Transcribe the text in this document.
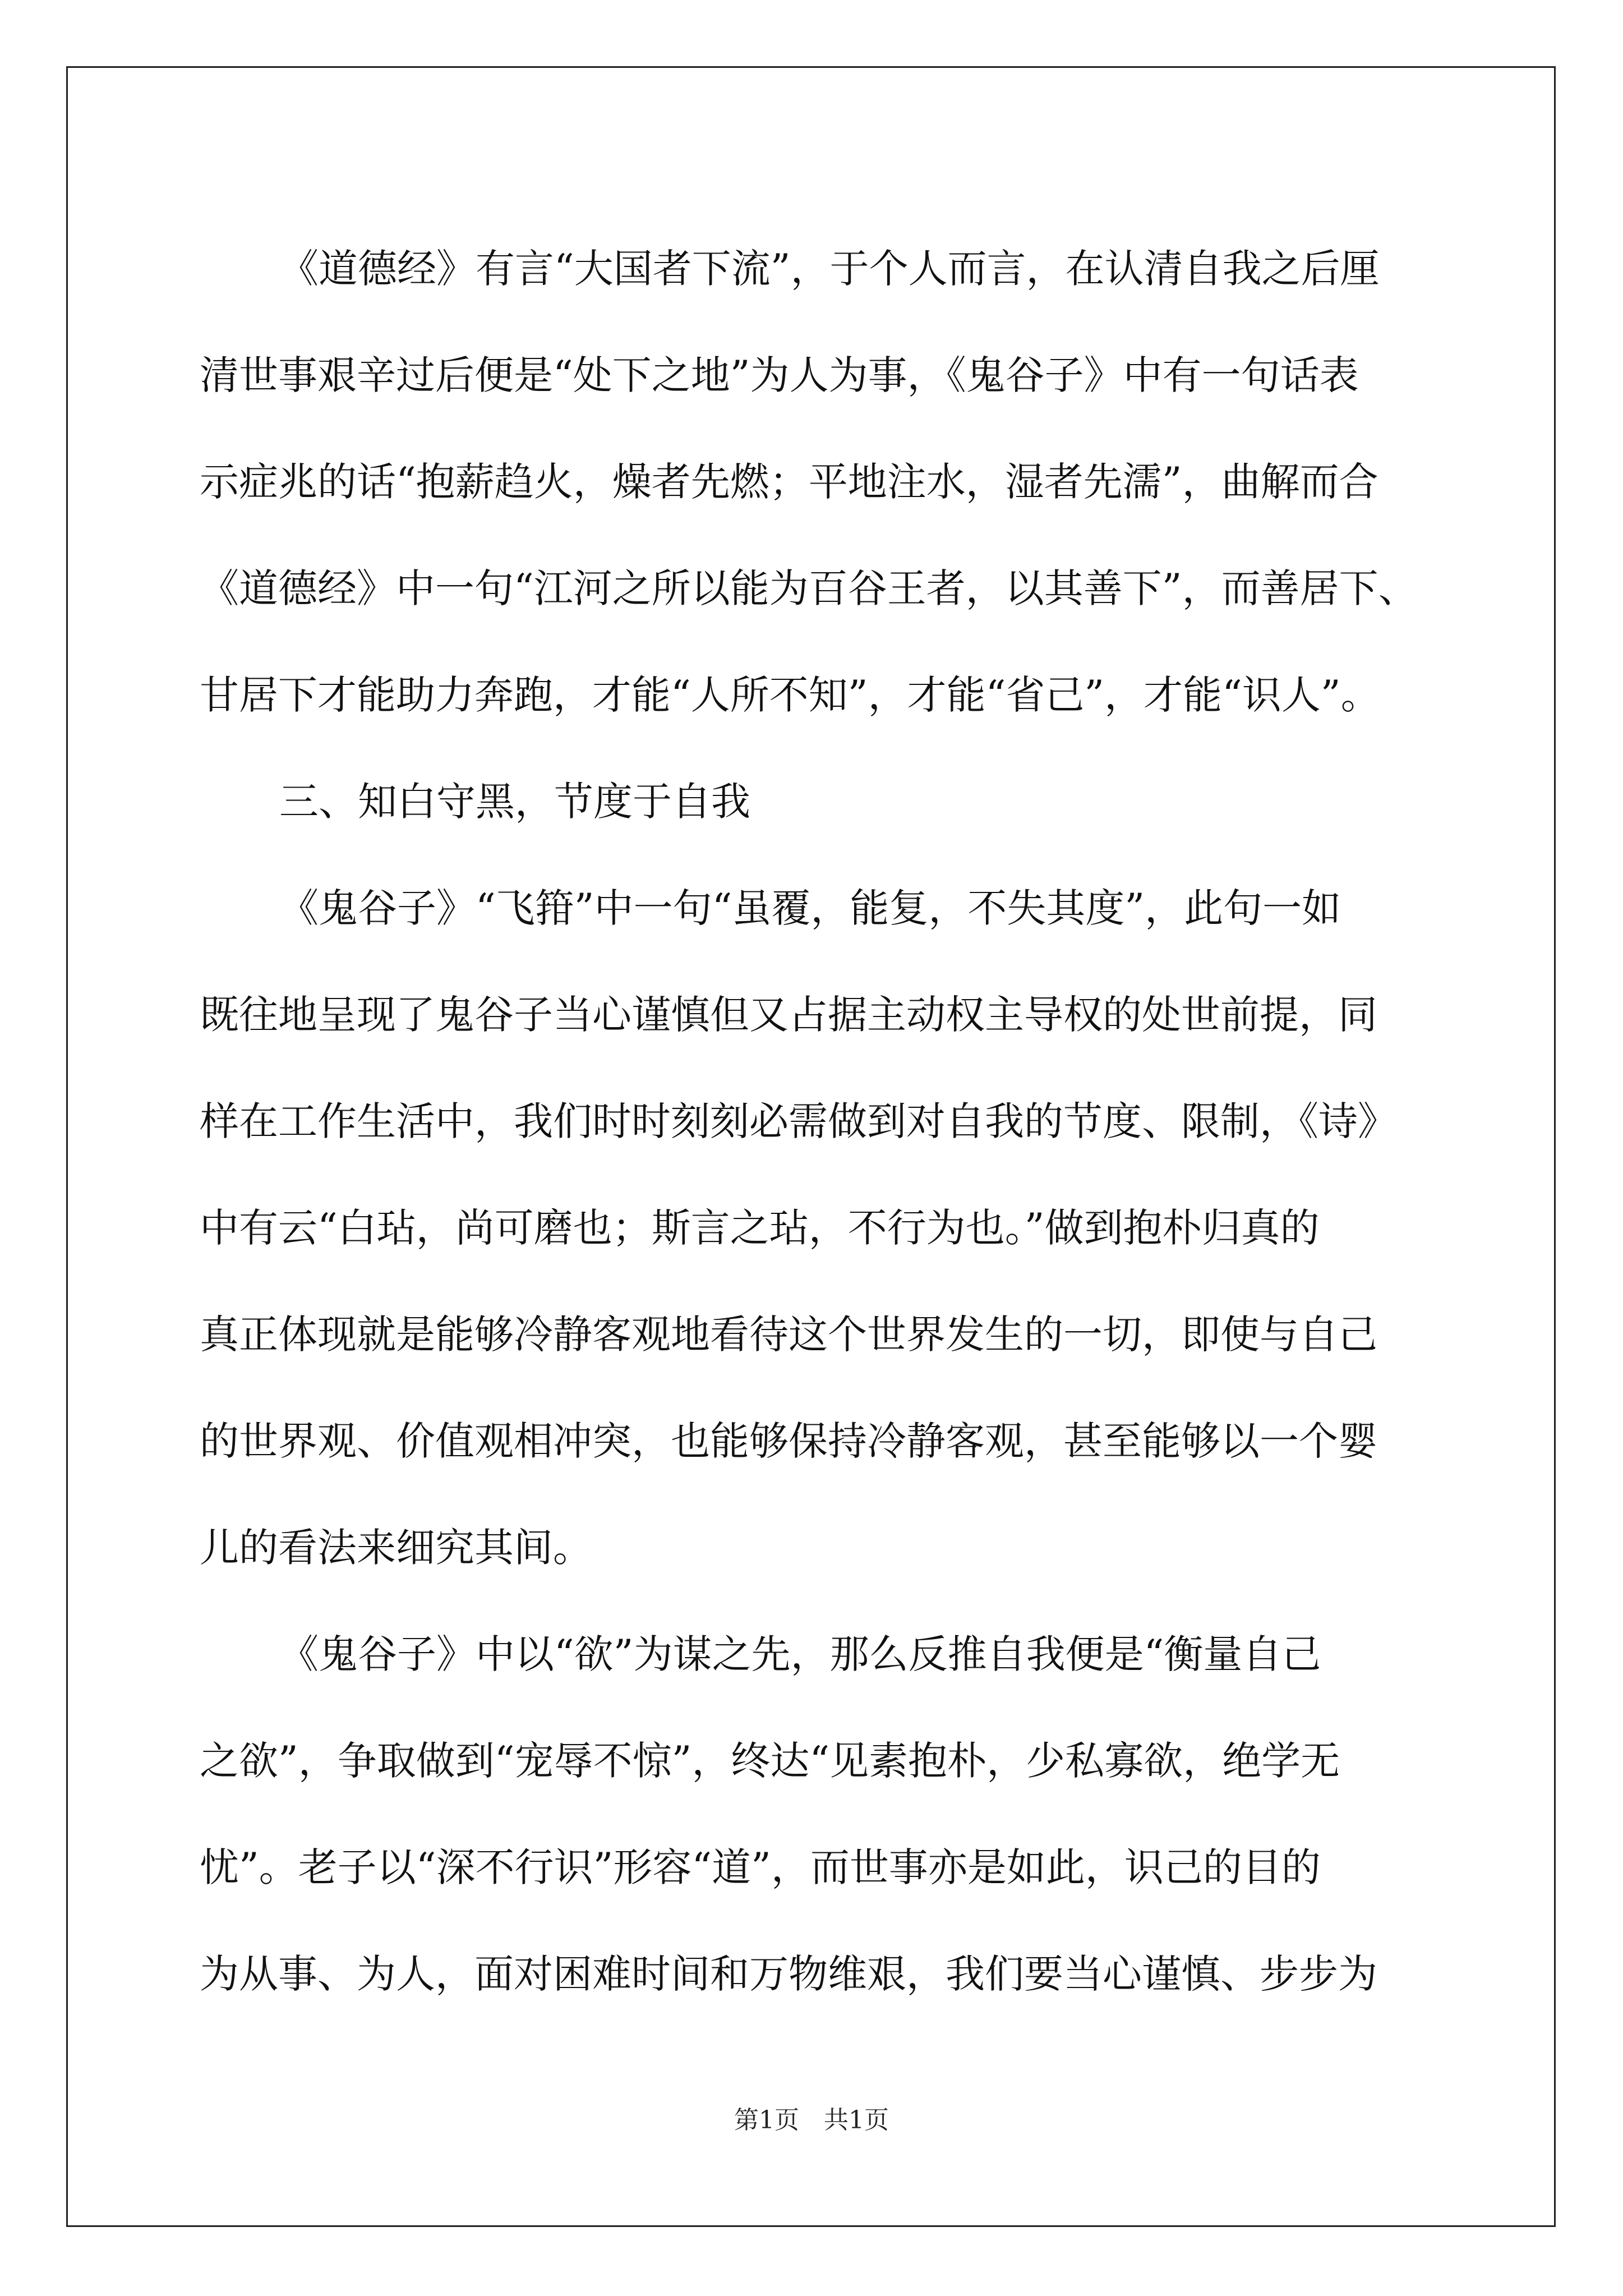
《道德经》有言“大国者下流”，于个人而言，在认清自我之后厘
清世事艰辛过后便是“处下之地”为人为事，《鬼谷子》中有一句话表
示症兆的话“抱薪趋火，燥者先燃；平地注水，湿者先濡”，曲解而合
《道德经》中一句“江河之所以能为百谷王者，以其善下”，而善居下、
甘居下才能助力奔跑，才能“人所不知”，才能“省己”，才能“识人”。
三、知白守黑，节度于自我
《鬼谷子》“飞箝”中一句“虽覆，能复，不失其度”，此句一如
既往地呈现了鬼谷子当心谨慎但又占据主动权主导权的处世前提，同
样在工作生活中，我们时时刻刻必需做到对自我的节度、限制，《诗》
中有云“白玷，尚可磨也；斯言之玷，不行为也。”做到抱朴归真的
真正体现就是能够冷静客观地看待这个世界发生的一切，即使与自己
的世界观、价值观相冲突，也能够保持冷静客观，甚至能够以一个婴
儿的看法来细究其间。
《鬼谷子》中以“欲”为谋之先，那么反推自我便是“衡量自己
之欲”，争取做到“宠辱不惊”，终达“见素抱朴，少私寡欲，绝学无
忧”。老子以“深不行识”形容“道”，而世事亦是如此，识己的目的
为从事、为人，面对困难时间和万物维艰，我们要当心谨慎、步步为
第1页　共1页
